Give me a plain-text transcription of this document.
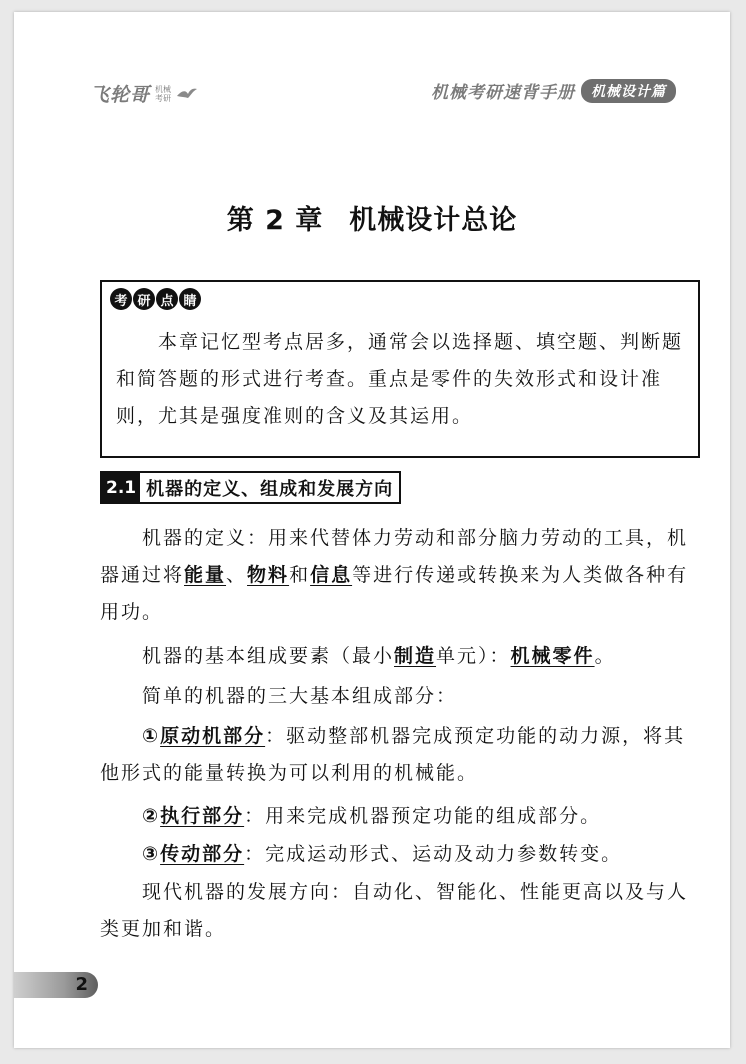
飞轮哥 机械考研	机械考研速背手册	机械设计篇
第 2 章 机械设计总论
考 研 点 睛

本章记忆型考点居多，通常会以选择题、填空题、判断题和简答题的形式进行考查。重点是零件的失效形式和设计准则，尤其是强度准则的含义及其运用。

2.1 机器的定义、组成和发展方向

机器的定义：用来代替体力劳动和部分脑力劳动的工具，机器通过将能量、物料和信息等进行传递或转换来为人类做各种有用功。

机器的基本组成要素（最小制造单元）：机械零件。

简单的机器的三大基本组成部分：

①原动机部分：驱动整部机器完成预定功能的动力源，将其他形式的能量转换为可以利用的机械能。

②执行部分：用来完成机器预定功能的组成部分。

③传动部分：完成运动形式、运动及动力参数转变。

现代机器的发展方向：自动化、智能化、性能更高以及与人类更加和谐。

2
